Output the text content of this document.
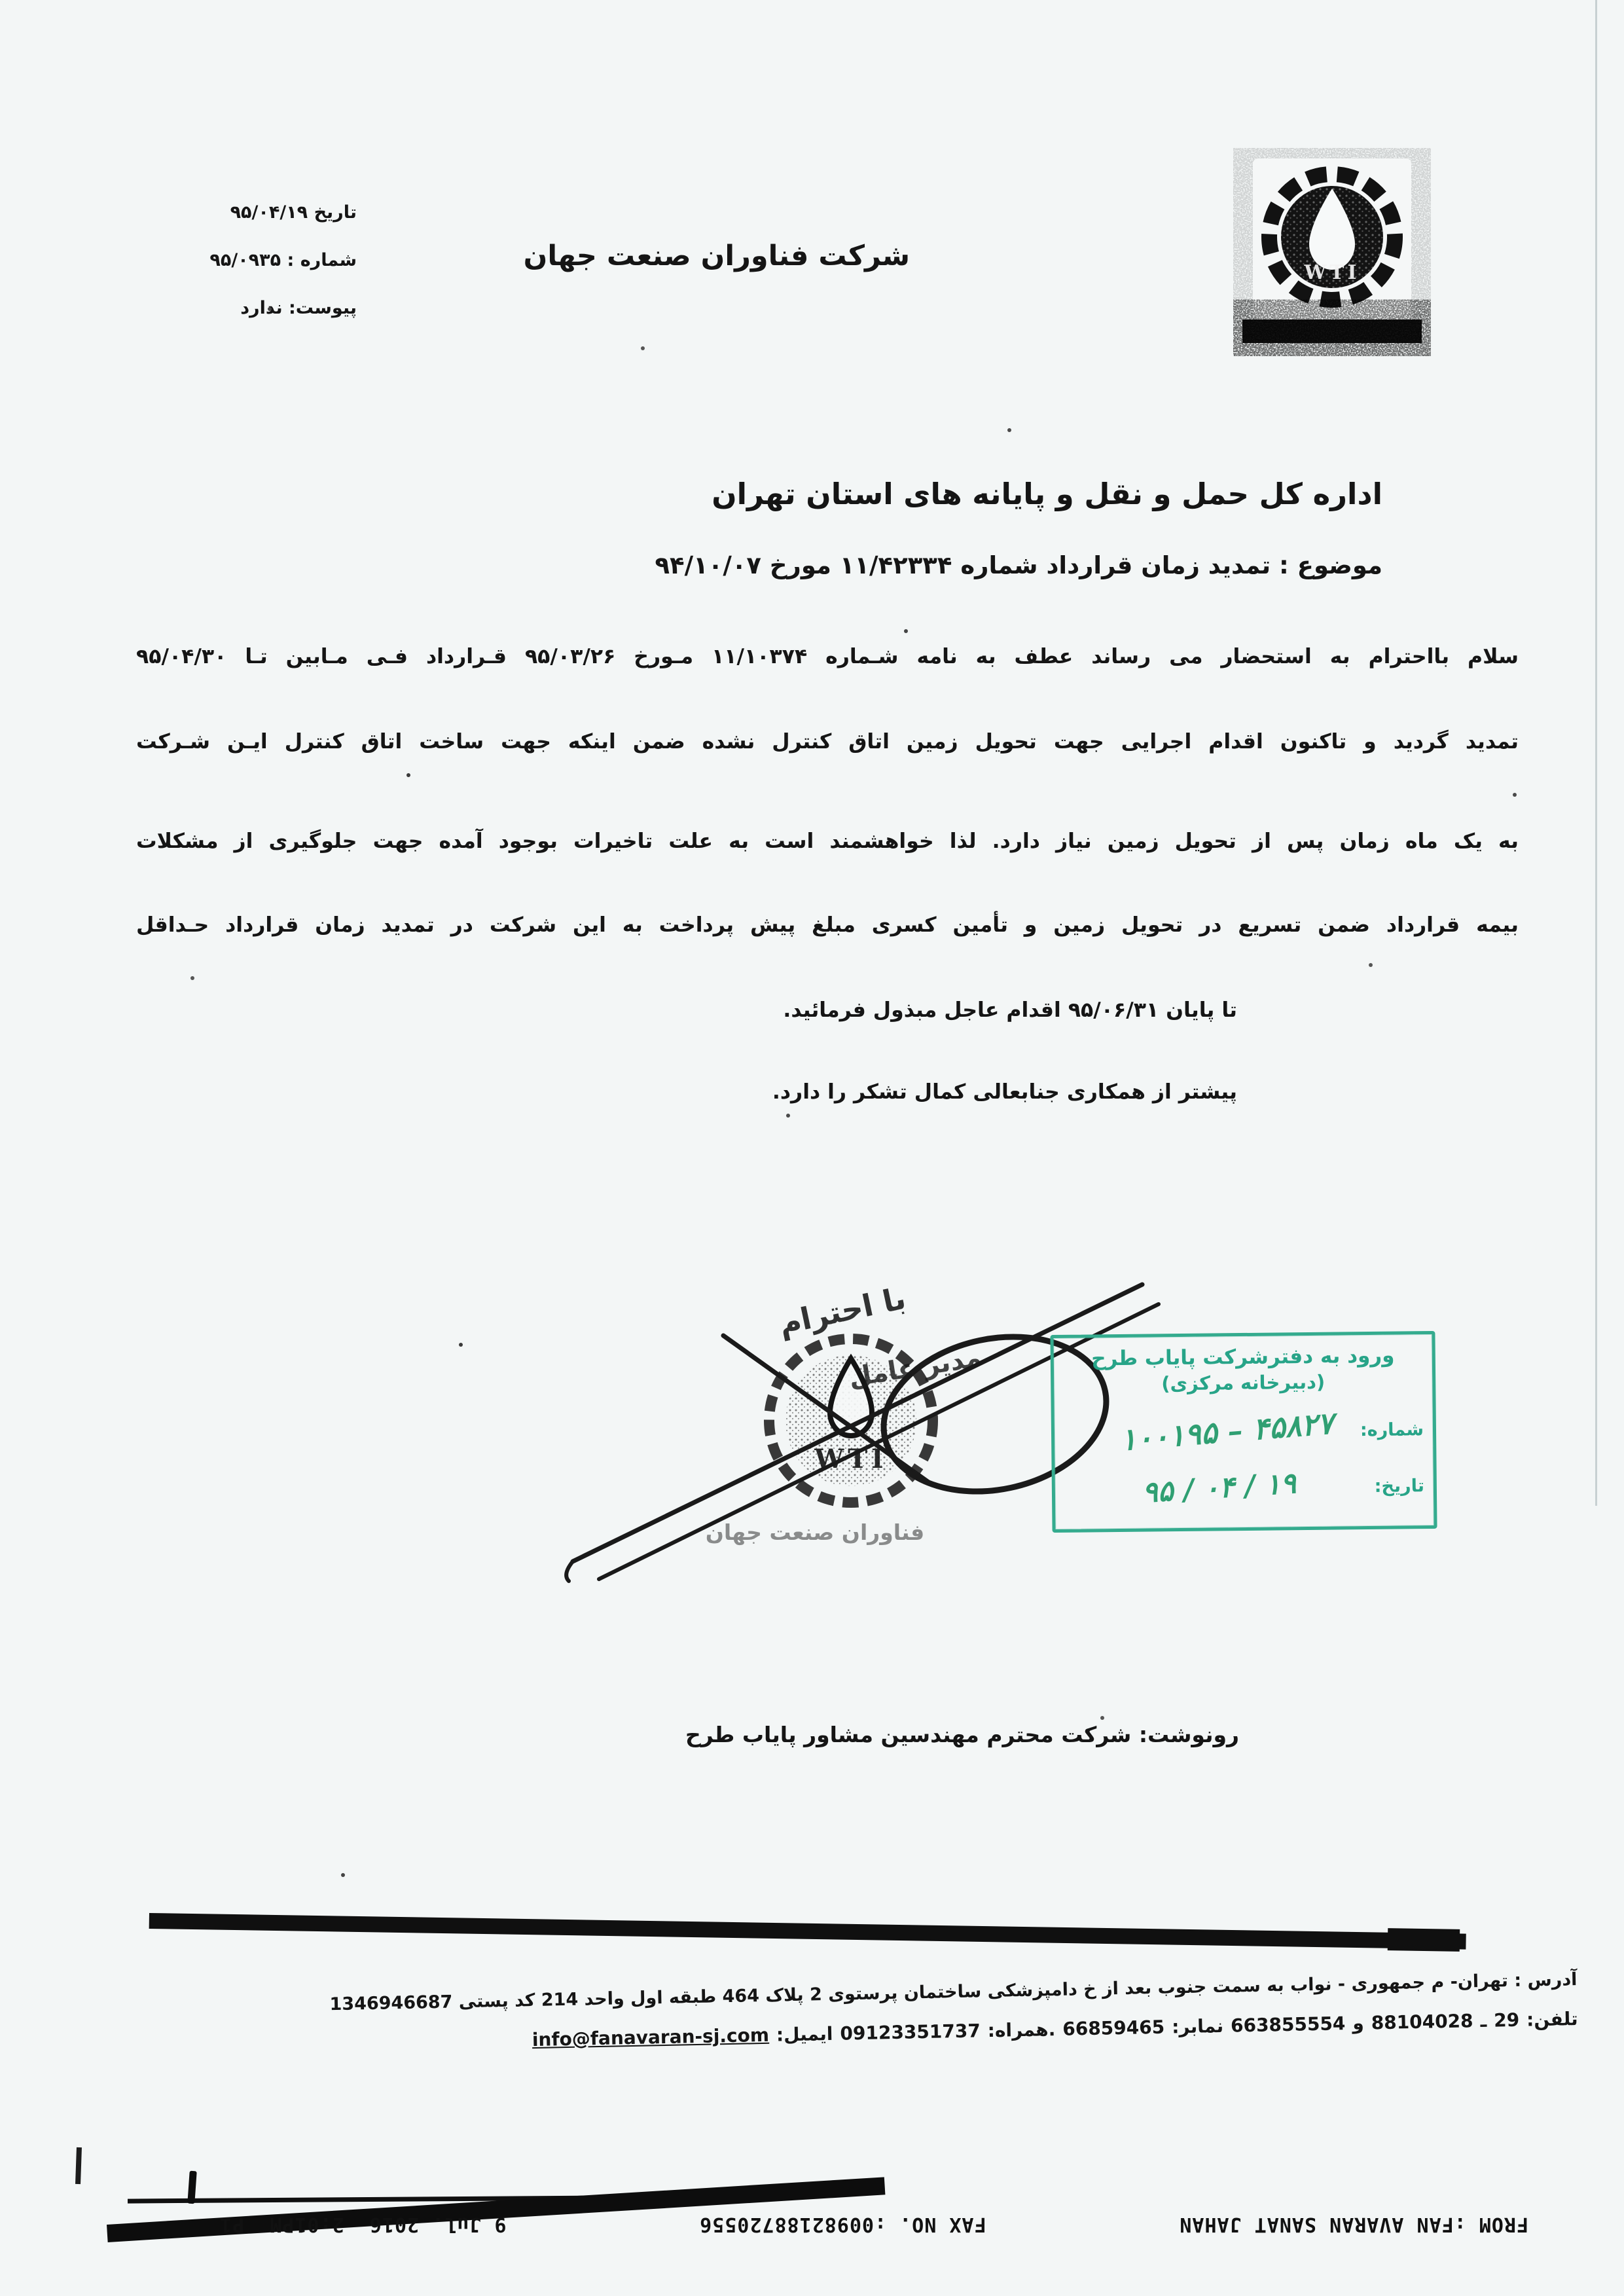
تاریخ ۹۵/۰۴/۱۹
شماره : ۹۵/۰۹۳۵
پیوست: ندارد
شرکت فناوران صنعت جهان
WTI
اداره کل حمل و نقل و پایانه های استان تهران
موضوع : تمدید زمان قرارداد شماره ۱۱/۴۲۳۳۴ مورخ ۹۴/۱۰/۰۷
سلام بااحترام به استحضار می رساند عطف به نامه شـماره ۱۱/۱۰۳۷۴ مـورخ ۹۵/۰۳/۲۶ قـرارداد فـی مـابین تـا ۹۵/۰۴/۳۰
تمدید گردید و تاکنون اقدام اجرایی جهت تحویل زمین اتاق کنترل نشده ضمن اینکه جهت ساخت اتاق کنترل ایـن شـرکت
به یک ماه زمان پس از تحویل زمین نیاز دارد. لذا خواهشمند است به علت تاخیرات بوجود آمده جهت جلوگیری از مشکلات
بیمه قرارداد ضمن تسریع در تحویل زمین و تأمین کسری مبلغ پیش پرداخت به این شرکت در تمدید زمان قرارداد حـداقل
تا پایان ۹۵/۰۶/۳۱ اقدام عاجل مبذول فرمائید.
پیشتر از همکاری جنابعالی کمال تشکر را دارد.
WTI
با احترام
مدیر عامل
فناوران صنعت جهان
ورود به دفترشرکت پایاب طرح
(دبیرخانه مرکزی)
شماره:
۱۰۰۱۹۵ – ۴۵۸۲۷
تاریخ:
۹۵ / ۰۴ / ۱۹
رونوشت: شرکت محترم مهندسین مشاور پایاب طرح
آدرس : تهران- م جمهوری - نواب به سمت جنوب بعد از خ دامپزشکی ساختمان پرستوی 2 پلاک 464 طبقه اول واحد 214 کد پستی 1346946687
تلفن:
29
ـ
88104028
و
663855554
نمابر:
66859465
.همراه:
09123351737
ایمیل:
info@fanavaran-sj.com
FROM :FAN AVARAN SANAT JAHAN
FAX NO. :00982188720556
9 Jul. 2016  2:01PM  P1
